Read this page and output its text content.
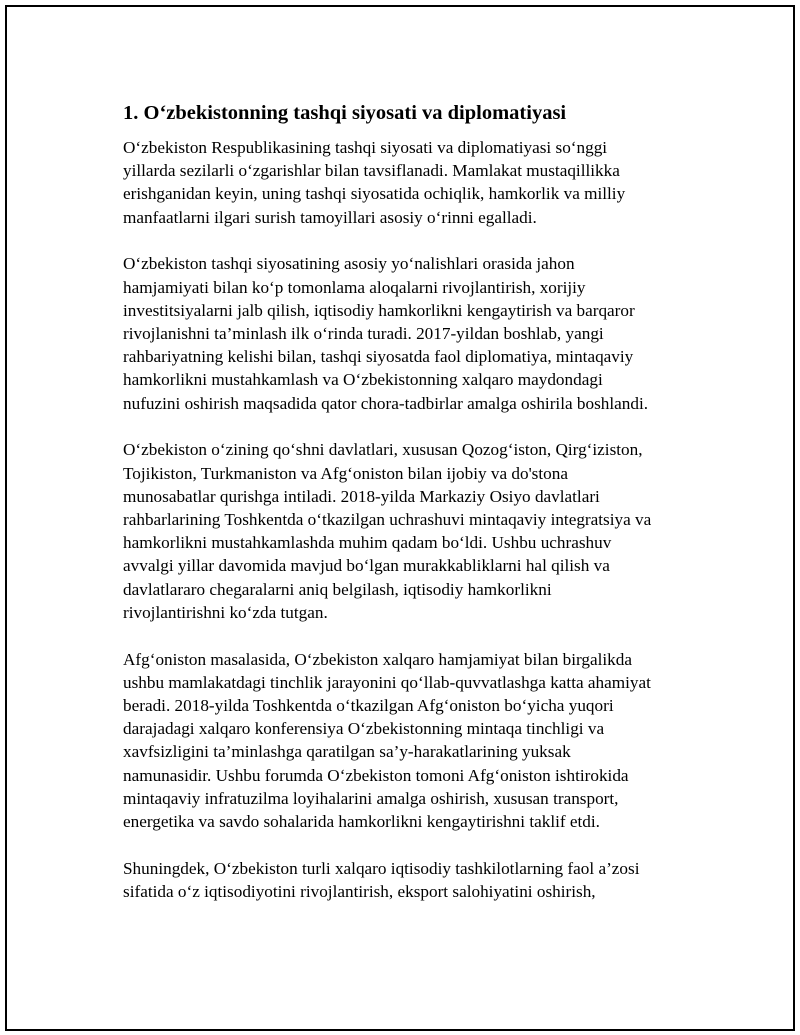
1. O‘zbekistonning tashqi siyosati va diplomatiyasi
O‘zbekiston Respublikasining tashqi siyosati va diplomatiyasi so‘nggi
yillarda sezilarli o‘zgarishlar bilan tavsiflanadi. Mamlakat mustaqillikka
erishganidan keyin, uning tashqi siyosatida ochiqlik, hamkorlik va milliy
manfaatlarni ilgari surish tamoyillari asosiy o‘rinni egalladi.
O‘zbekiston tashqi siyosatining asosiy yo‘nalishlari orasida jahon
hamjamiyati bilan ko‘p tomonlama aloqalarni rivojlantirish, xorijiy
investitsiyalarni jalb qilish, iqtisodiy hamkorlikni kengaytirish va barqaror
rivojlanishni ta’minlash ilk o‘rinda turadi. 2017-yildan boshlab, yangi
rahbariyatning kelishi bilan, tashqi siyosatda faol diplomatiya, mintaqaviy
hamkorlikni mustahkamlash va O‘zbekistonning xalqaro maydondagi
nufuzini oshirish maqsadida qator chora-tadbirlar amalga oshirila boshlandi.
O‘zbekiston o‘zining qo‘shni davlatlari, xususan Qozog‘iston, Qirg‘iziston,
Tojikiston, Turkmaniston va Afg‘oniston bilan ijobiy va do'stona
munosabatlar qurishga intiladi. 2018-yilda Markaziy Osiyo davlatlari
rahbarlarining Toshkentda o‘tkazilgan uchrashuvi mintaqaviy integratsiya va
hamkorlikni mustahkamlashda muhim qadam bo‘ldi. Ushbu uchrashuv
avvalgi yillar davomida mavjud bo‘lgan murakkabliklarni hal qilish va
davlatlararo chegaralarni aniq belgilash, iqtisodiy hamkorlikni
rivojlantirishni ko‘zda tutgan.
Afg‘oniston masalasida, O‘zbekiston xalqaro hamjamiyat bilan birgalikda
ushbu mamlakatdagi tinchlik jarayonini qo‘llab-quvvatlashga katta ahamiyat
beradi. 2018-yilda Toshkentda o‘tkazilgan Afg‘oniston bo‘yicha yuqori
darajadagi xalqaro konferensiya O‘zbekistonning mintaqa tinchligi va
xavfsizligini ta’minlashga qaratilgan sa’y-harakatlarining yuksak
namunasidir. Ushbu forumda O‘zbekiston tomoni Afg‘oniston ishtirokida
mintaqaviy infratuzilma loyihalarini amalga oshirish, xususan transport,
energetika va savdo sohalarida hamkorlikni kengaytirishni taklif etdi.
Shuningdek, O‘zbekiston turli xalqaro iqtisodiy tashkilotlarning faol a’zosi
sifatida o‘z iqtisodiyotini rivojlantirish, eksport salohiyatini oshirish,
